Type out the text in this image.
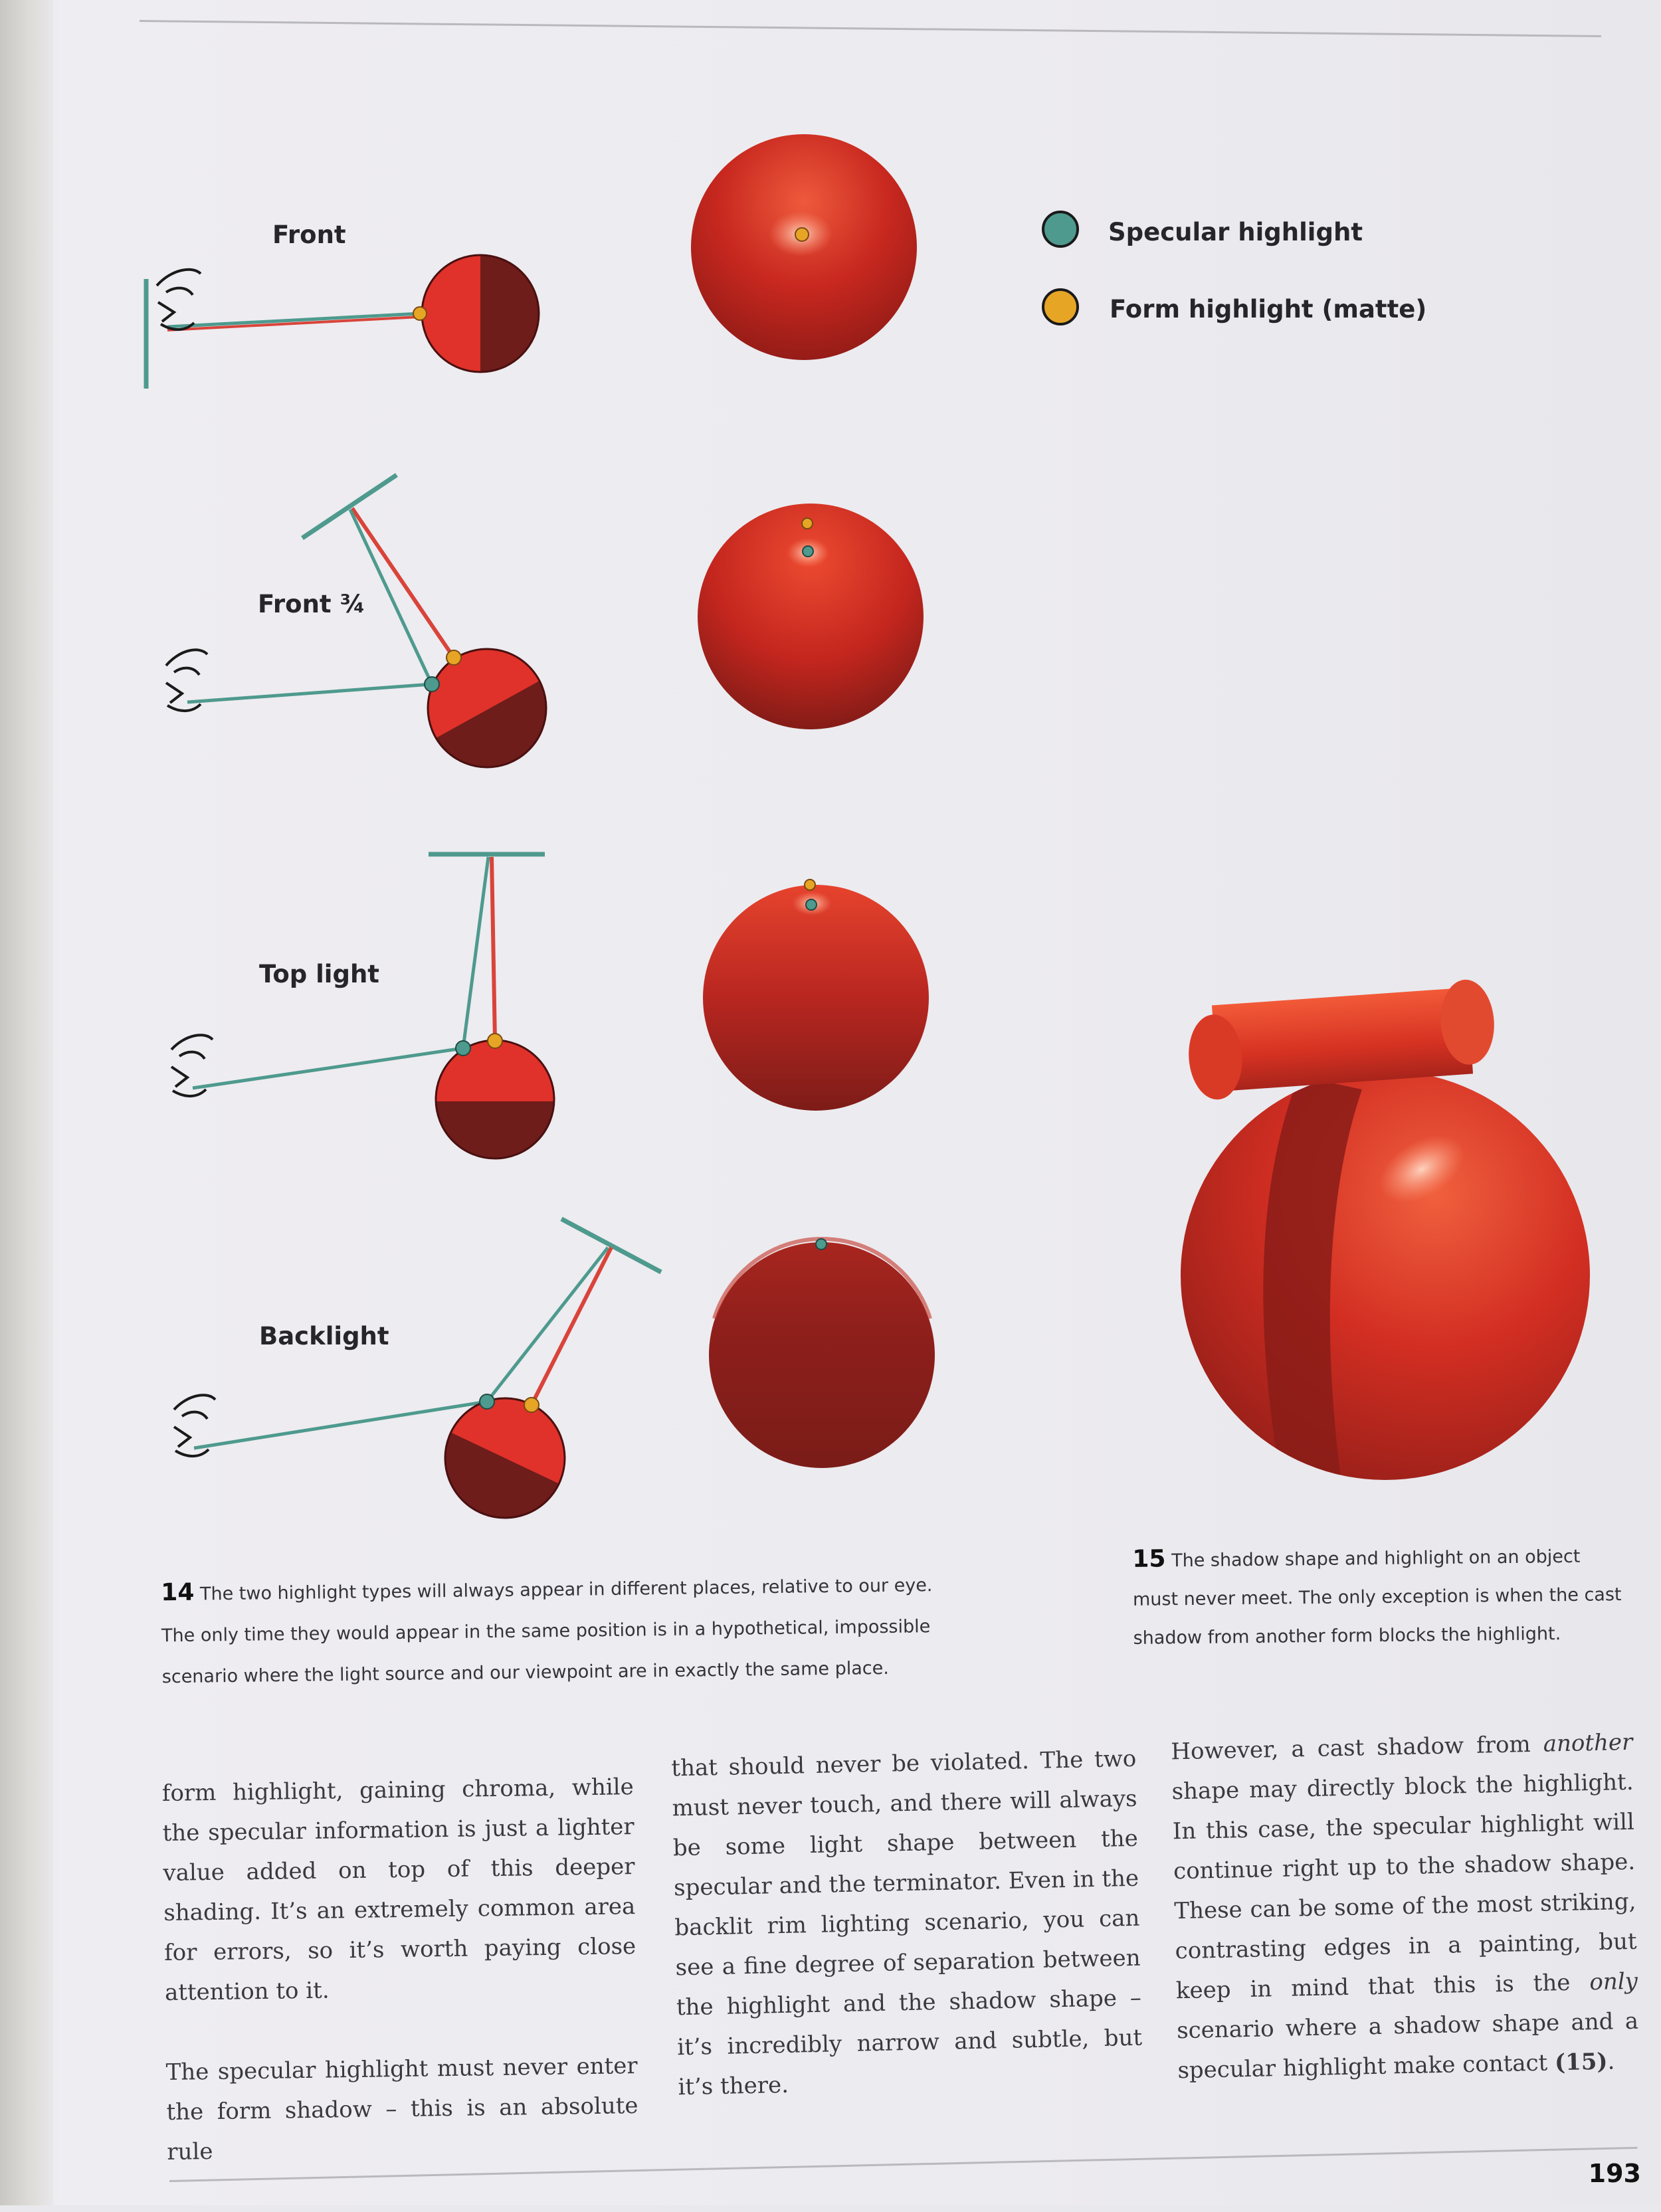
Front
Front ¾
Top light
Backlight
Specular highlight
Form highlight (matte)
14 The two highlight types will always appear in different places, relative to our eye. The only time they would appear in the same position is in a hypothetical, impossible scenario where the light source and our viewpoint are in exactly the same place.
15 The shadow shape and highlight on an object must never meet. The only exception is when the cast shadow from another form blocks the highlight.

form highlight, gaining chroma, while the specular information is just a lighter value added on top of this deeper shading. It’s an extremely common area for errors, so it’s worth paying close attention to it.

The specular highlight must never enter the form shadow – this is an absolute rule

that should never be violated. The two must never touch, and there will always be some light shape between the specular and the terminator. Even in the backlit rim lighting scenario, you can see a fine degree of separation between the highlight and the shadow shape – it’s incredibly narrow and subtle, but it’s there.

However, a cast shadow from another shape may directly block the highlight. In this case, the specular highlight will continue right up to the shadow shape. These can be some of the most striking, contrasting edges in a painting, but keep in mind that this is the only scenario where a shadow shape and a specular highlight make contact (15).

193
